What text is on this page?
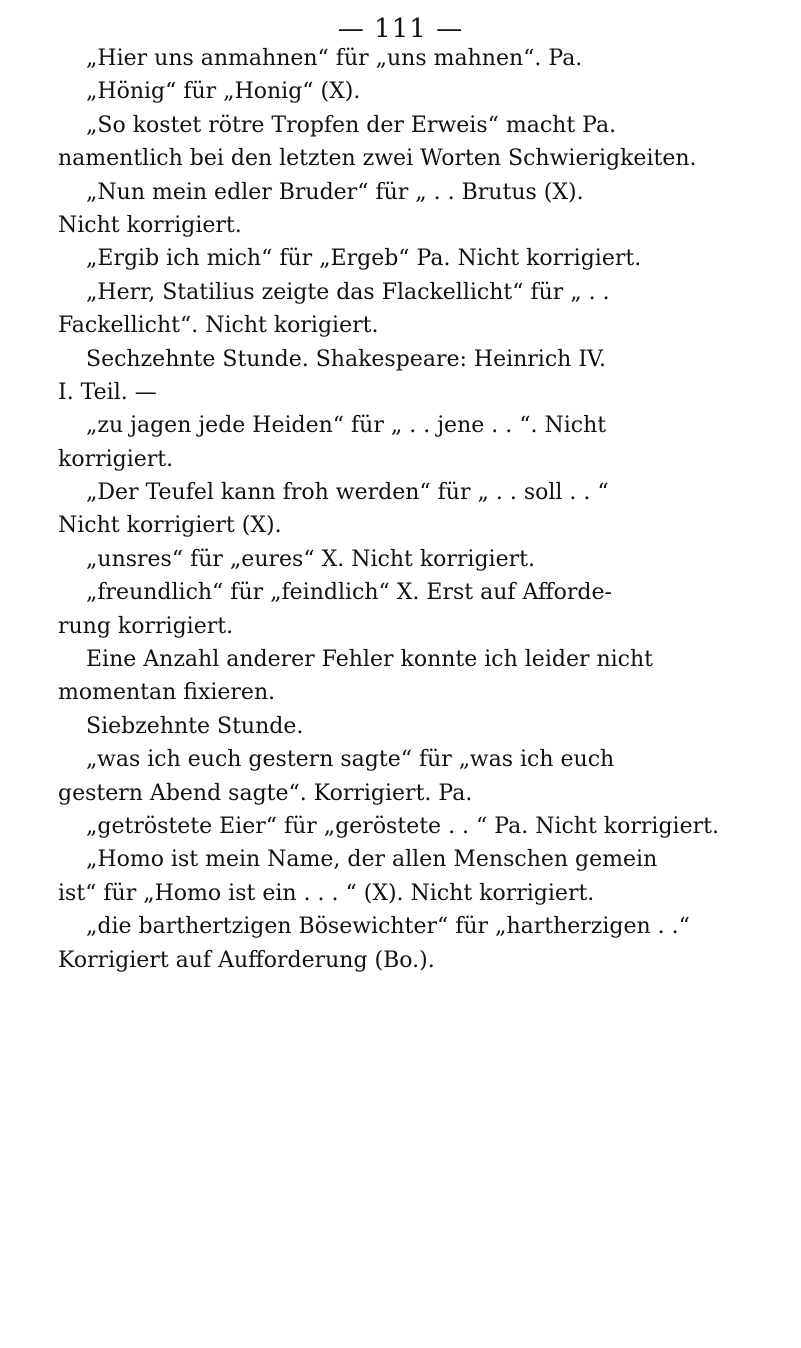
— 111 —
„Hier uns anmahnen“ für „uns mahnen“. Pa.
„Hönig“ für „Honig“ (X).
„So kostet rötre Tropfen der Erweis“ macht Pa.
namentlich bei den letzten zwei Worten Schwierigkeiten.
„Nun mein edler Bruder“ für „ . . Brutus (X).
Nicht korrigiert.
„Ergib ich mich“ für „Ergeb“ Pa. Nicht korrigiert.
„Herr, Statilius zeigte das Flackellicht“ für „ . .
Fackellicht“. Nicht korigiert.
Sechzehnte Stunde. Shakespeare: Heinrich IV.
I. Teil. —
„zu jagen jede Heiden“ für „ . . jene . . “. Nicht
korrigiert.
„Der Teufel kann froh werden“ für „ . . soll . . “
Nicht korrigiert (X).
„unsres“ für „eures“ X. Nicht korrigiert.
„freundlich“ für „feindlich“ X. Erst auf Afforde-
rung korrigiert.
Eine Anzahl anderer Fehler konnte ich leider nicht
momentan fixieren.
Siebzehnte Stunde.
„was ich euch gestern sagte“ für „was ich euch
gestern Abend sagte“. Korrigiert. Pa.
„getröstete Eier“ für „geröstete . . “ Pa. Nicht korrigiert.
„Homo ist mein Name, der allen Menschen gemein
ist“ für „Homo ist ein . . . “ (X). Nicht korrigiert.
„die barthertzigen Bösewichter“ für „hartherzigen . .“
Korrigiert auf Aufforderung (Bo.).
